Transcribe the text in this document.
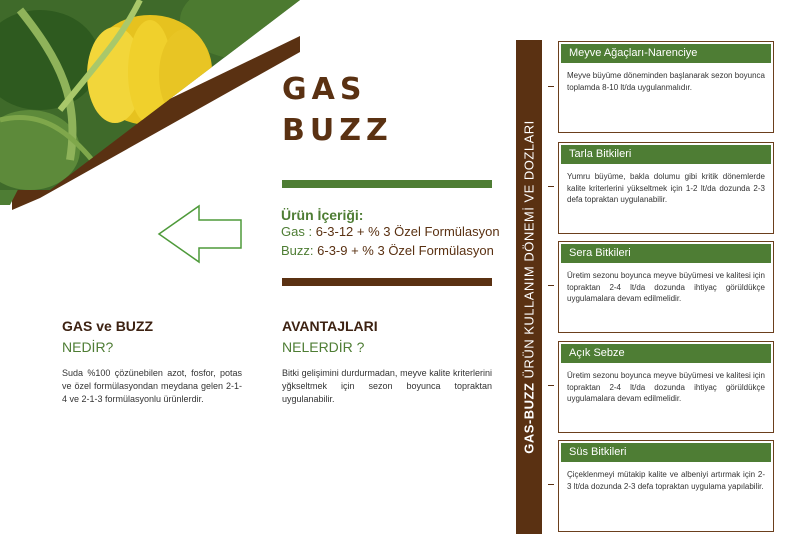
GAS
BUZZ
Ürün İçeriği:
Gas : 6-3-12 + % 3 Özel Formülasyon
Buzz: 6-3-9 + % 3 Özel Formülasyon
GAS ve BUZZ
NEDİR?
Suda %100 çözünebilen azot, fosfor, potas ve özel formülasyondan meydana gelen 2-1-4 ve 2-1-3 formülasyonlu ürünlerdir.
AVANTAJLARI
NELERDİR ?
Bitki gelişimini durdurmadan, meyve kalite kriterlerini yğkseltmek için sezon boyunca topraktan uygulanabilir.	GAS-BUZZ ÜRÜN KULLANIM DÖNEMİ VE DOZLARI
Meyve Ağaçları-Narenciye
Meyve büyüme döneminden başlanarak sezon boyunca toplamda 8-10 lt/da uygulanmalıdır.
Tarla Bitkileri
Yumru büyüme, bakla dolumu gibi kritik dönemlerde kalite kriterlerini yükseltmek için 1-2 lt/da dozunda 2-3 defa topraktan uygulanabilir.
Sera Bitkileri
Üretim sezonu boyunca meyve büyümesi ve kalitesi için topraktan 2-4 lt/da dozunda ihtiyaç görüldükçe uygulamalara devam edilmelidir.
Açık Sebze
Üretim sezonu boyunca meyve büyümesi ve kalitesi için topraktan 2-4 lt/da dozunda ihtiyaç görüldükçe uygulamalara devam edilmelidir.
Süs Bitkileri
Çiçeklenmeyi mütakip kalite ve albeniyi artırmak için 2-3 lt/da dozunda 2-3 defa topraktan uygulama yapılabilir.
